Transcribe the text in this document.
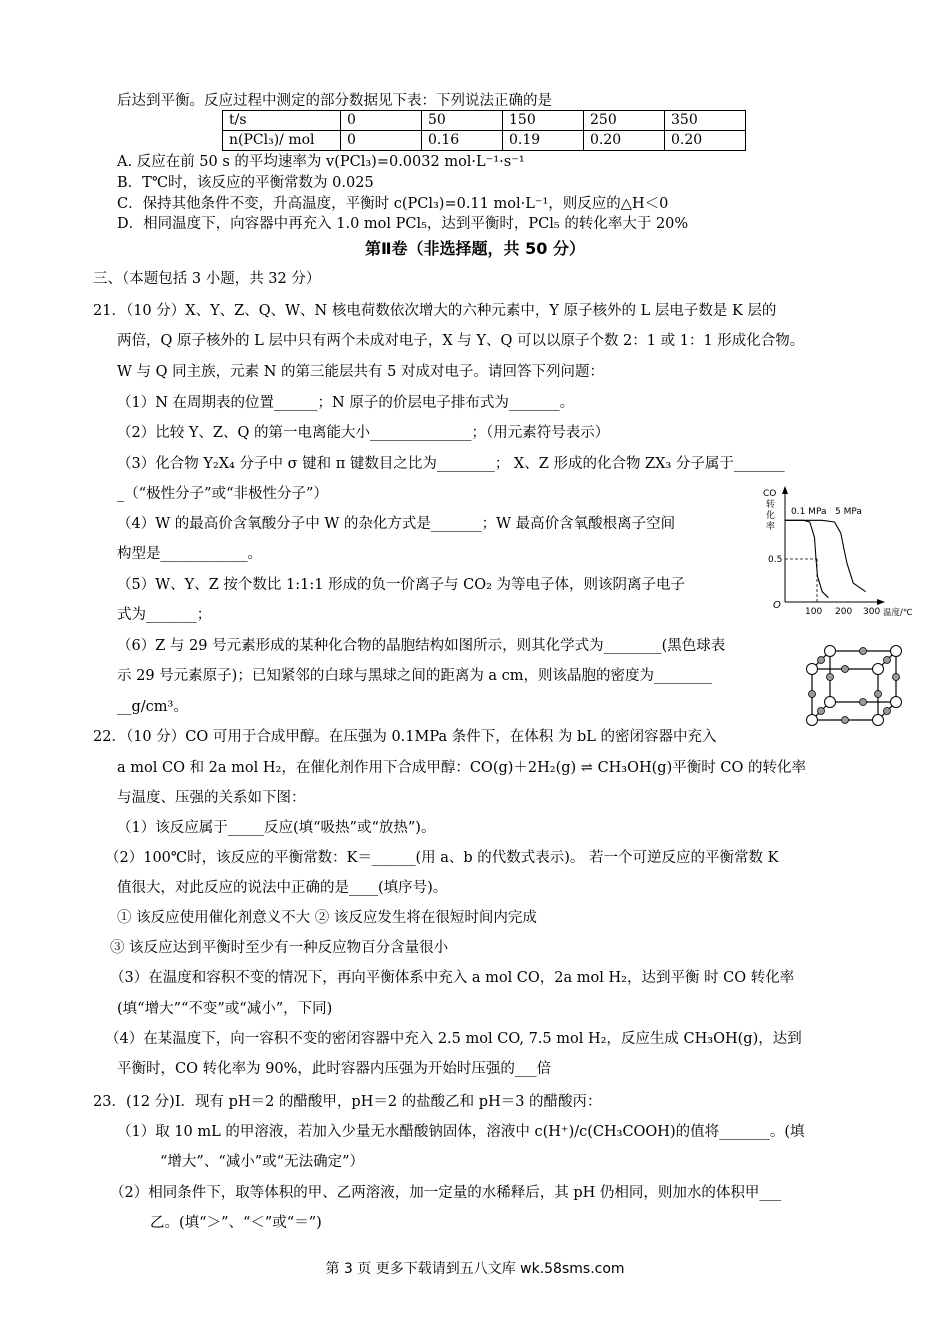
后达到平衡。反应过程中测定的部分数据见下表：下列说法正确的是
t/s	0	50	150	250	350
n(PCl₃)/ mol	0	0.16	0.19	0.20	0.20
A. 反应在前 50 s 的平均速率为 v(PCl₃)=0.0032 mol·L⁻¹·s⁻¹
B．T℃时，该反应的平衡常数为 0.025
C．保持其他条件不变，升高温度，平衡时 c(PCl₃)=0.11 mol·L⁻¹，则反应的△H＜0
D．相同温度下，向容器中再充入 1.0 mol PCl₅，达到平衡时，PCl₅ 的转化率大于 20%
第Ⅱ卷（非选择题，共 50 分）
三、（本题包括 3 小题，共 32 分）
21．（10 分）X、Y、Z、Q、W、N 核电荷数依次增大的六种元素中，Y 原子核外的 L 层电子数是 K 层的
两倍，Q 原子核外的 L 层中只有两个未成对电子，X 与 Y、Q 可以以原子个数 2：1 或 1：1 形成化合物。
W 与 Q 同主族，元素 N 的第三能层共有 5 对成对电子。请回答下列问题：
（1）N 在周期表的位置______；N 原子的价层电子排布式为_______。
（2）比较 Y、Z、Q 的第一电离能大小______________；（用元素符号表示）
（3）化合物 Y₂X₄ 分子中 σ 键和 π 键数目之比为________； X、Z 形成的化合物 ZX₃ 分子属于_______
_（“极性分子”或“非极性分子”）
（4）W 的最高价含氧酸分子中 W 的杂化方式是_______；W 最高价含氧酸根离子空间
构型是____________。
（5）W、Y、Z 按个数比 1:1:1 形成的负一价离子与 CO₂ 为等电子体，则该阴离子电子
式为_______；
（6）Z 与 29 号元素形成的某种化合物的晶胞结构如图所示，则其化学式为________(黑色球表
示 29 号元素原子)；已知紧邻的白球与黑球之间的距离为 a cm，则该晶胞的密度为________
__g/cm³。
CO
转
化
率
O
0.5
0.1 MPa 5 MPa
100 200 300 温度/℃
22．（10 分）CO 可用于合成甲醇。在压强为 0.1MPa 条件下，在体积 为 bL 的密闭容器中充入
a mol CO 和 2a mol H₂，在催化剂作用下合成甲醇：CO(g)＋2H₂(g) ⇌ CH₃OH(g)平衡时 CO 的转化率
与温度、压强的关系如下图：
（1）该反应属于_____反应(填“吸热”或“放热”)。
（2）100℃时，该反应的平衡常数：K＝______(用 a、b 的代数式表示)。 若一个可逆反应的平衡常数 K
值很大，对此反应的说法中正确的是____(填序号)。
① 该反应使用催化剂意义不大 ② 该反应发生将在很短时间内完成
③ 该反应达到平衡时至少有一种反应物百分含量很小
（3）在温度和容积不变的情况下，再向平衡体系中充入 a mol CO，2a mol H₂，达到平衡 时 CO 转化率
(填“增大”“不变”或“减小”，下同)
（4）在某温度下，向一容积不变的密闭容器中充入 2.5 mol CO, 7.5 mol H₂，反应生成 CH₃OH(g)，达到
平衡时，CO 转化率为 90%，此时容器内压强为开始时压强的___倍
23．(12 分)Ⅰ．现有 pH＝2 的醋酸甲，pH＝2 的盐酸乙和 pH＝3 的醋酸丙：
（1）取 10 mL 的甲溶液，若加入少量无水醋酸钠固体，溶液中 c(H⁺)/c(CH₃COOH)的值将_______。(填
“增大”、“减小”或“无法确定”）
（2）相同条件下，取等体积的甲、乙两溶液，加一定量的水稀释后，其 pH 仍相同，则加水的体积甲___
乙。(填“＞”、“＜”或“＝”)
第 3 页 更多下载请到五八文库 wk.58sms.com
